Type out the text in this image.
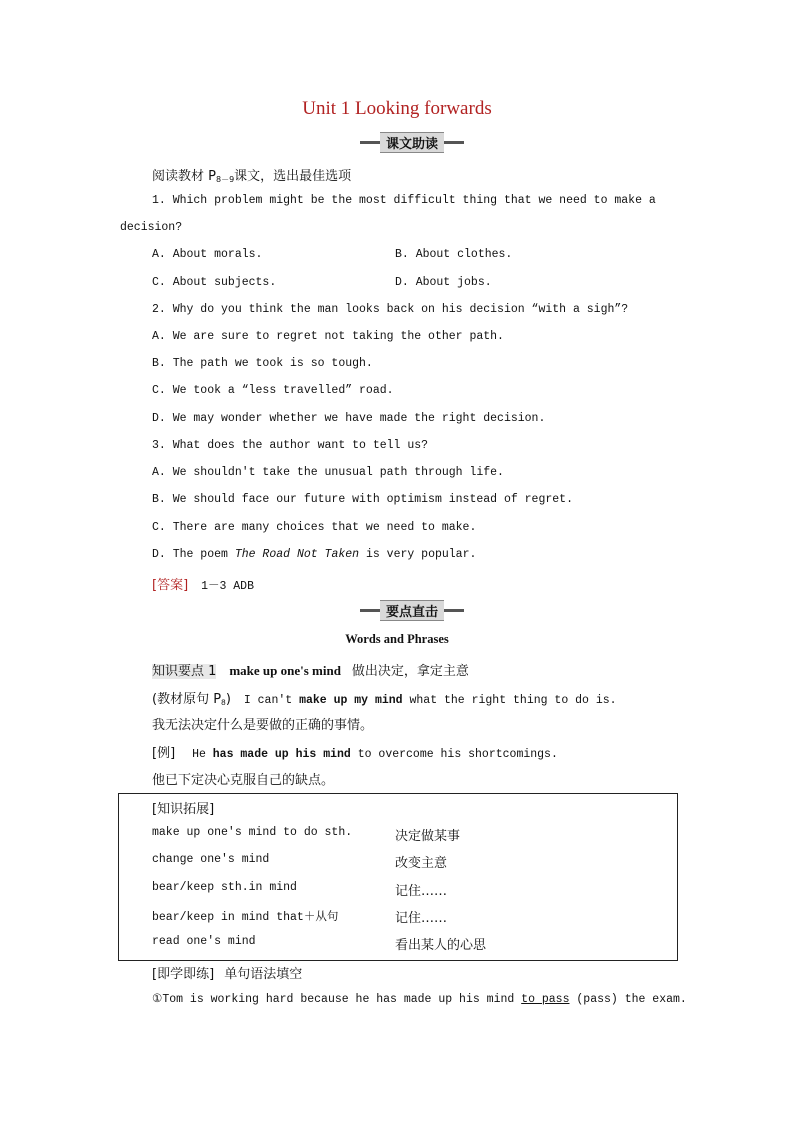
Unit 1 Looking forwards
课文助读
阅读教材 $P_{8-9}$课文，选出最佳选项
1. Which problem might be the most difficult thing that we need to make a
decision?
A. About morals.	B. About clothes.
C. About subjects.	D. About jobs.
2. Why do you think the man looks back on his decision “with a sigh”?
A. We are sure to regret not taking the other path.
B. The path we took is so tough.
C. We took a “less travelled” road.
D. We may wonder whether we have made the right decision.
3. What does the author want to tell us?
A. We shouldn't take the unusual path through life.
B. We should face our future with optimism instead of regret.
C. There are many choices that we need to make.
D. The poem The Road Not Taken is very popular.
[答案] 1－3 ADB
要点直击
Words and Phrases
知识要点 1 make up one's mind 做出决定，拿定主意
(教材原句 $P_8$) I can't make up my mind what the right thing to do is.
我无法决定什么是要做的正确的事情。
[例] He has made up his mind to overcome his shortcomings.
他已下定决心克服自己的缺点。
[知识拓展]
make up one's mind to do sth.	决定做某事
change one's mind	改变主意
bear/keep sth.in mind	记住……
bear/keep in mind that＋从句	记住……
read one's mind	看出某人的心思
[即学即练] 单句语法填空
①Tom is working hard because he has made up his mind to pass (pass) the exam.
